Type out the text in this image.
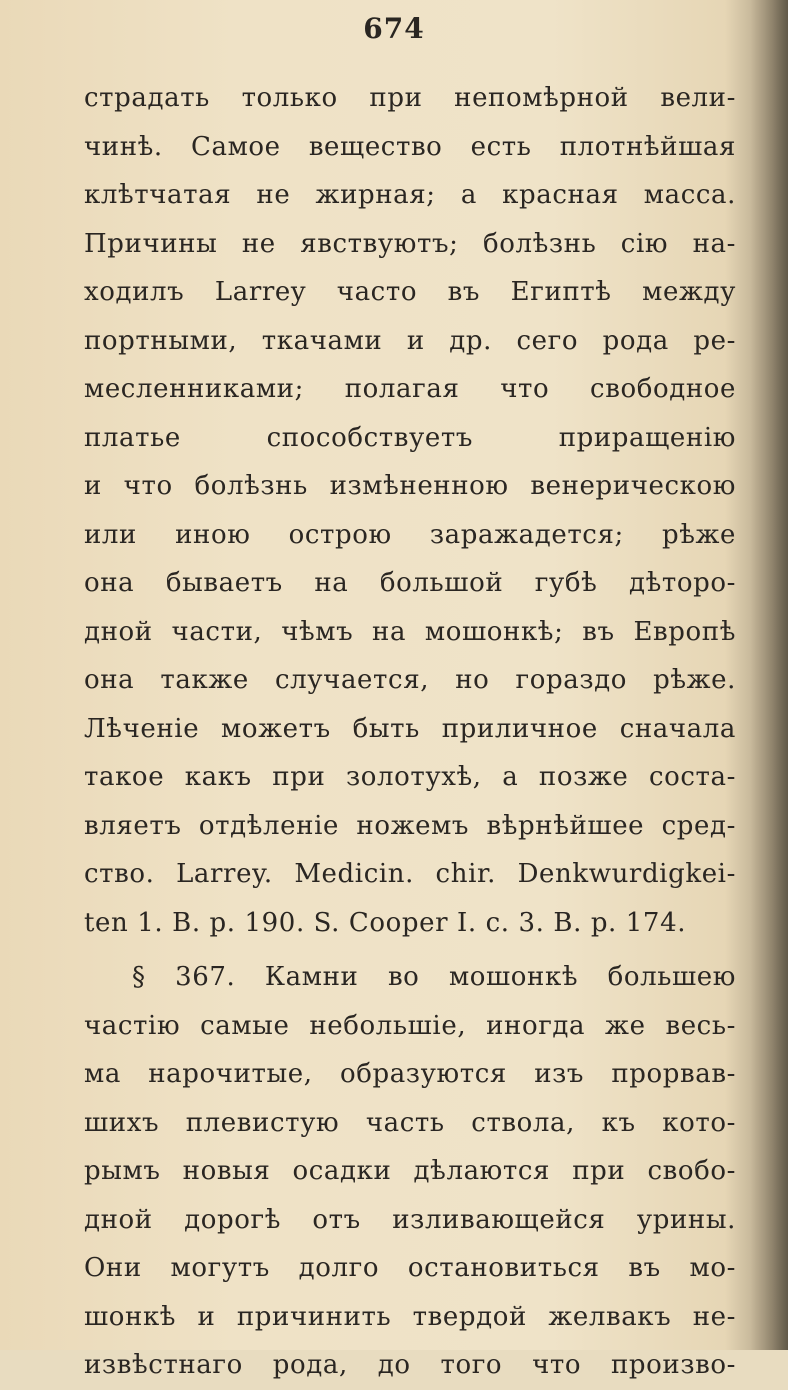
674
страдать только при непомѣрной вели-
чинѣ. Самое вещество есть плотнѣйшая
клѣтчатая не жирная; а красная масса.
Причины не явствуютъ; болѣзнь сію на-
ходилъ Larrey часто въ Египтѣ между
портными, ткачами и др. сего рода ре-
месленниками; полагая что свободное
платье способствуетъ приращенію
и что болѣзнь измѣненною венерическою
или иною острою заражадется; рѣже
она бываетъ на большой губѣ дѣторо-
дной части, чѣмъ на мошонкѣ; въ Европѣ
она также случается, но гораздо рѣже.
Лѣченіе можетъ быть приличное сначала
такое какъ при золотухѣ, а позже соста-
вляетъ отдѣленіе ножемъ вѣрнѣйшее сред-
ство. Larrey. Medicin. chir. Denkwurdigkei-
ten 1. B. p. 190. S. Cooper I. c. 3. B. p. 174.
§ 367. Камни во мошонкѣ большею
частію самые небольшіе, иногда же весь-
ма нарочитые, образуются изъ прорвав-
шихъ плевистую часть ствола, къ кото-
рымъ новыя осадки дѣлаются при свобо-
дной дорогѣ отъ изливающейся урины.
Они могутъ долго остановиться въ мо-
шонкѣ и причинить твердой желвакъ не-
извѣстнаго рода, до того что произво-
